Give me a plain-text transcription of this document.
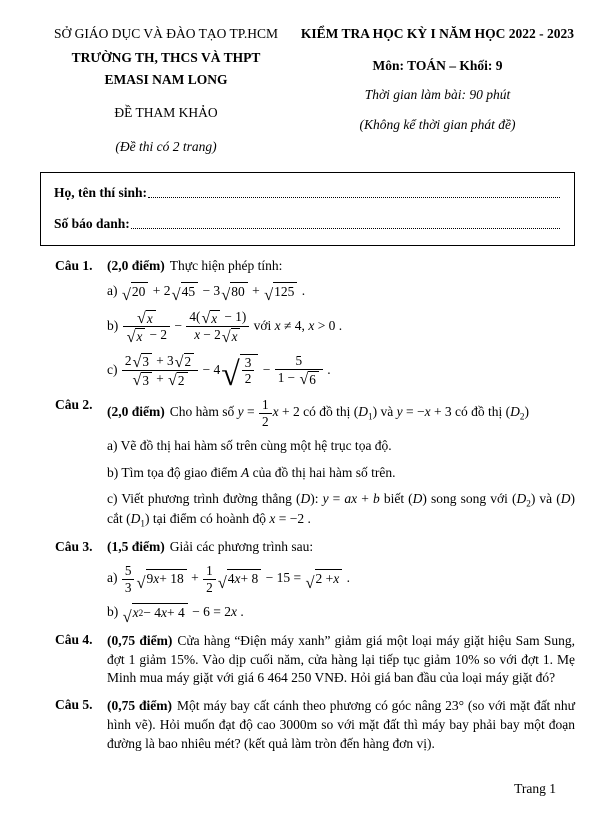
SỞ GIÁO DỤC VÀ ĐÀO TẠO TP.HCM
TRƯỜNG TH, THCS VÀ THPT
EMASI NAM LONG
ĐỀ THAM KHẢO
(Đề thi có 2 trang)
KIỂM TRA HỌC KỲ I NĂM HỌC 2022 - 2023
Môn: TOÁN – Khối: 9
Thời gian làm bài: 90 phút
(Không kể thời gian phát đề)
Họ, tên thí sinh:
Số báo danh:
Câu 1.	(2,0 điểm) Thực hiện phép tính:
a) √ 20 + 2 √ 45 − 3 √ 80 + √ 125 .
$b) \frac{√ x}{√ x - 2} - \frac{4( √ x - 1)}{x - 2 √ x}$ với x ≠ 4, x > 0 .
$c) \frac{2 √ 3 + 3 √ 2}{√ 3 + √ 2} - 4$ √ $\frac{3}{2} - \frac{5}{1 - √ 6}$ .
Câu 2.	(2,0 điểm) Cho hàm số $y = \frac{1}{2}$ x + 2 có đồ thị $(D_1)$ và y = −x + 3 có đồ thị $(D_2)$
a) Vẽ đồ thị hai hàm số trên cùng một hệ trục tọa độ.
b) Tìm tọa độ giao điểm A của đồ thị hai hàm số trên.
c) Viết phương trình đường thẳng (D): y = ax + b biết (D) song song với $(D_2)$ và (D) cắt $(D_1)$ tại điểm có hoành độ x = −2 .
Câu 3.	(1,5 điểm) Giải các phương trình sau:
$a) \frac{5}{3}$ √ 9 $x + 18 + \frac{1}{2}$ √ 4 x + 8 − 15 = √ 2 + x .
b) √ x 2 − 4 x + 4 − 6 = 2x .
Câu 4.	(0,75 điểm) Cửa hàng “Điện máy xanh” giảm giá một loại máy giặt hiệu Sam Sung, đợt 1 giảm 15%. Vào dịp cuối năm, cửa hàng lại tiếp tục giảm 10% so với đợt 1. Mẹ Minh mua máy giặt với giá 6 464 250 VNĐ. Hỏi giá ban đầu của loại máy giặt đó?
Câu 5.	(0,75 điểm) Một máy bay cất cánh theo phương có góc nâng 23° (so với mặt đất như hình vẽ). Hỏi muốn đạt độ cao 3000m so với mặt đất thì máy bay phải bay một đoạn đường là bao nhiêu mét? (kết quả làm tròn đến hàng đơn vị).
Trang 1
